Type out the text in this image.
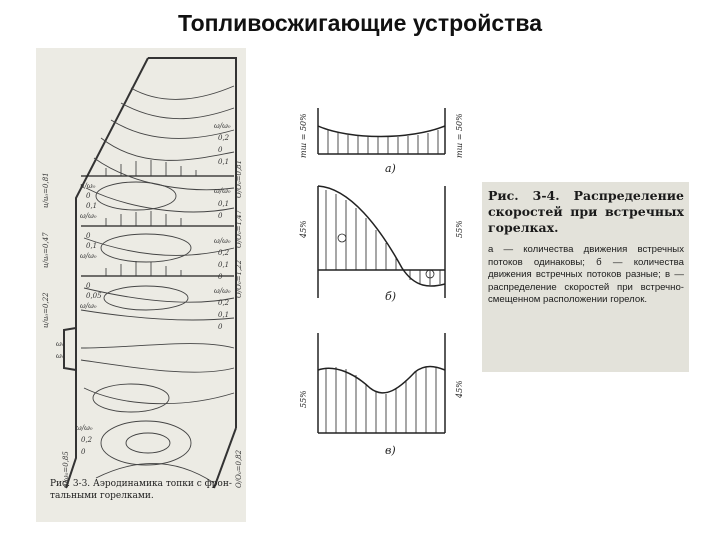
Топливосжигающие устройства
ω/ω₀
0,2
0
0,1
ω/ω₀
0,1
0
ω/ω₀
0,2
0,1
0
ω/ω₀
0,2
0,1
0
O/O₀=0,81
O/O₀=1,47
O/O₀=1,22
O/O₀=0,82
u/ω₀
0
0,1
ω/ω₀
0
0,1
ω/ω₀
0
0,05
ω/ω₀
ω₀
ω₀
u/u₀=0,81
u/u₀=0,47
u/u₀=0,22
ω/ω₀
0,2
0
u/ω₀=0,85
Рис. 3-3. Аэродинамика топки с фрон-тальными горелками.
а)
тш = 50%	тш = 50%
б)
45%	55%
в)
55%
45%
Рис. 3-4. Распределение скоростей при встречных горелках.
а — количества движения встречных потоков одинаковы; б — количества движения встречных потоков разные; в — распределение скоростей при встречно-смещенном расположении горелок.
